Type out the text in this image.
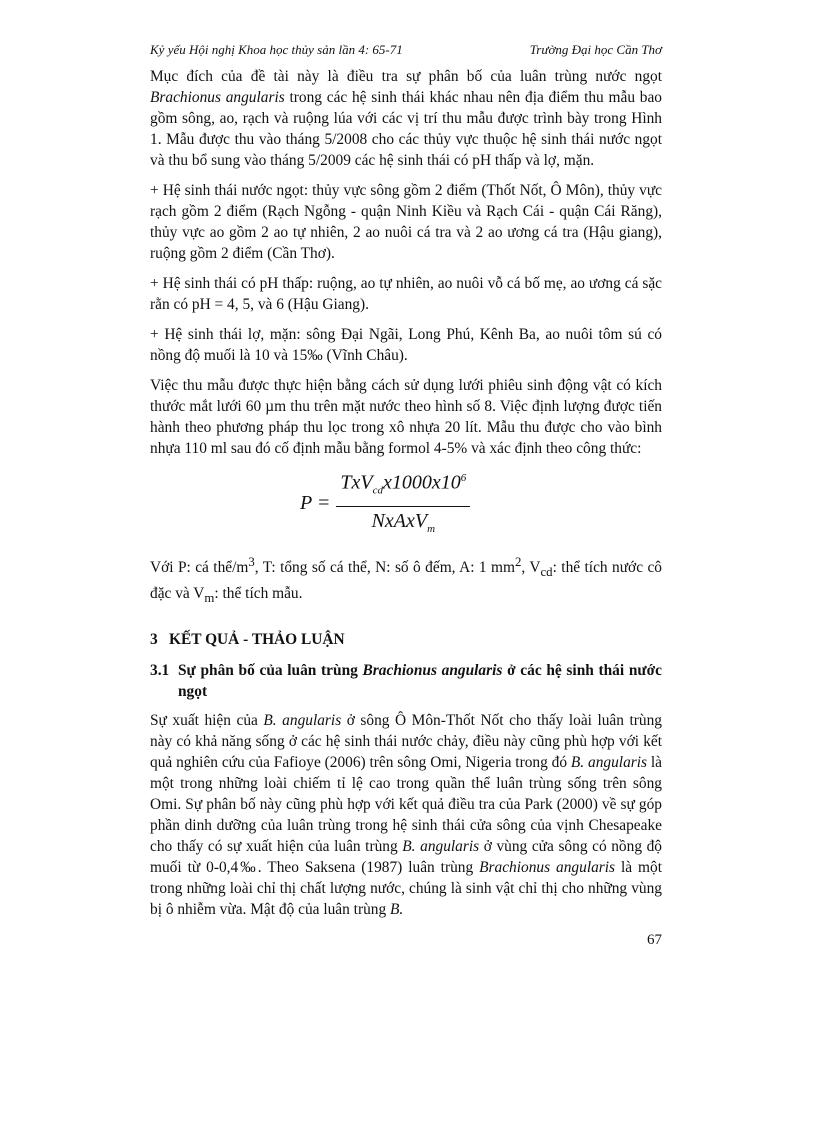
Kỷ yếu Hội nghị Khoa học thủy sản lần 4: 65-71	Trường Đại học Cần Thơ

Mục đích của đề tài này là điều tra sự phân bố của luân trùng nước ngọt Brachionus angularis trong các hệ sinh thái khác nhau nên địa điểm thu mẫu bao gồm sông, ao, rạch và ruộng lúa với các vị trí thu mẫu được trình bày trong Hình 1. Mẫu được thu vào tháng 5/2008 cho các thủy vực thuộc hệ sinh thái nước ngọt và thu bổ sung vào tháng 5/2009 các hệ sinh thái có pH thấp và lợ, mặn.

+ Hệ sinh thái nước ngọt: thủy vực sông gồm 2 điểm (Thốt Nốt, Ô Môn), thủy vực rạch gồm 2 điểm (Rạch Ngỗng - quận Ninh Kiều và Rạch Cái - quận Cái Răng), thủy vực ao gồm 2 ao tự nhiên, 2 ao nuôi cá tra và 2 ao ương cá tra (Hậu giang), ruộng gồm 2 điểm (Cần Thơ).

+ Hệ sinh thái có pH thấp: ruộng, ao tự nhiên, ao nuôi vỗ cá bố mẹ, ao ương cá sặc rằn có pH = 4, 5, và 6 (Hậu Giang).

+ Hệ sinh thái lợ, mặn: sông Đại Ngãi, Long Phú, Kênh Ba, ao nuôi tôm sú có nồng độ muối là 10 và 15‰ (Vĩnh Châu).

Việc thu mẫu được thực hiện bằng cách sử dụng lưới phiêu sinh động vật có kích thước mắt lưới 60 µm thu trên mặt nước theo hình số 8. Việc định lượng được tiến hành theo phương pháp thu lọc trong xô nhựa 20 lít. Mẫu thu được cho vào bình nhựa 110 ml sau đó cố định mẫu bằng formol 4-5% và xác định theo công thức:

$P = \frac{TxV_{cd}x1000x10^6}{NxAxV_m}$

Với P: cá thể/$m^3$, T: tổng số cá thể, N: số ô đếm, A: 1 $mm^2$, $V_{cd}$: thể tích nước cô đặc và $V_m$: thể tích mẫu.

3 KẾT QUẢ - THẢO LUẬN
3.1 Sự phân bố của luân trùng Brachionus angularis ở các hệ sinh thái nước ngọt

Sự xuất hiện của B. angularis ở sông Ô Môn-Thốt Nốt cho thấy loài luân trùng này có khả năng sống ở các hệ sinh thái nước chảy, điều này cũng phù hợp với kết quả nghiên cứu của Fafioye (2006) trên sông Omi, Nigeria trong đó B. angularis là một trong những loài chiếm tỉ lệ cao trong quần thể luân trùng sống trên sông Omi. Sự phân bố này cũng phù hợp với kết quả điều tra của Park (2000) về sự góp phần dinh dưỡng của luân trùng trong hệ sinh thái cửa sông của vịnh Chesapeake cho thấy có sự xuất hiện của luân trùng B. angularis ở vùng cửa sông có nồng độ muối từ 0-0,4‰. Theo Saksena (1987) luân trùng Brachionus angularis là một trong những loài chỉ thị chất lượng nước, chúng là sinh vật chỉ thị cho những vùng bị ô nhiễm vừa. Mật độ của luân trùng B.

67
